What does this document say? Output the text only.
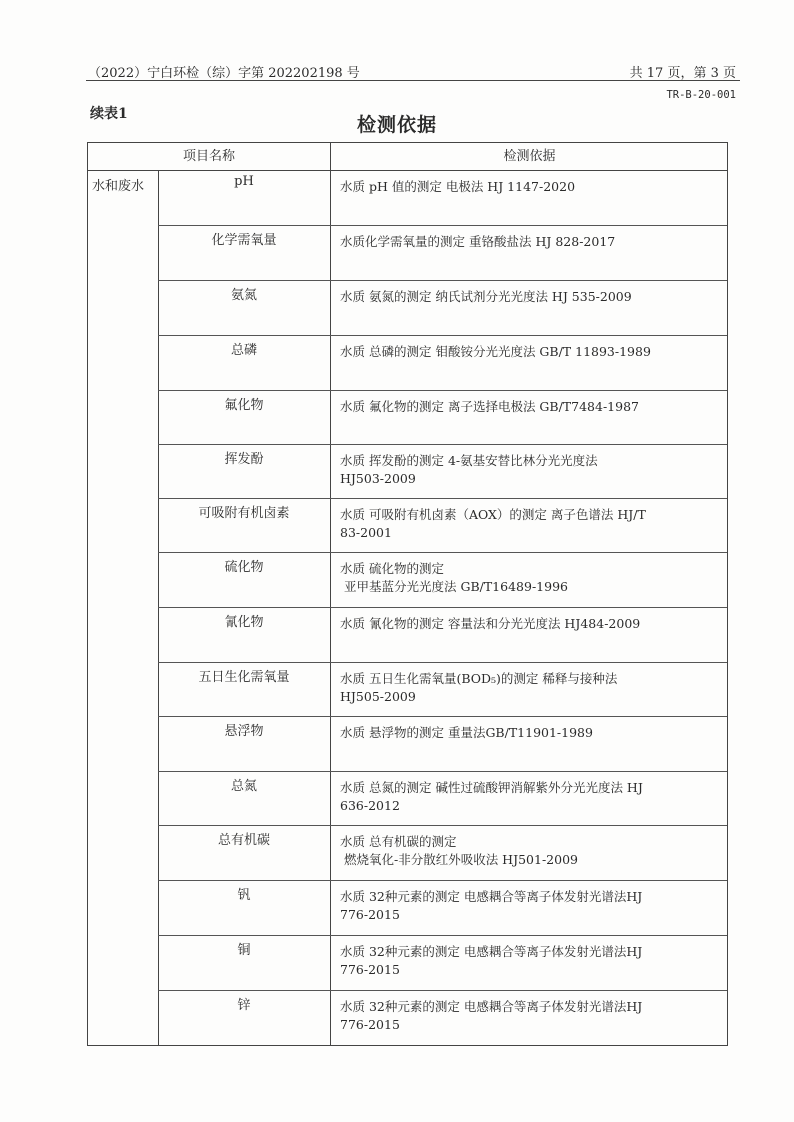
（2022）宁白环检（综）字第 202202198 号	共 17 页，第 3 页
TR-B-20-001
续表1	检测依据
项目名称	检测依据
水和废水	pH	水质 pH 值的测定 电极法 HJ 1147-2020
化学需氧量	水质化学需氧量的测定 重铬酸盐法 HJ 828-2017
氨氮	水质 氨氮的测定 纳氏试剂分光光度法 HJ 535-2009
总磷	水质 总磷的测定 钼酸铵分光光度法 GB/T 11893-1989
氟化物	水质 氟化物的测定 离子选择电极法 GB/T7484-1987
挥发酚	水质 挥发酚的测定 4-氨基安替比林分光光度法
HJ503-2009
可吸附有机卤素	水质 可吸附有机卤素（AOX）的测定 离子色谱法 HJ/T
83-2001
硫化物	水质 硫化物的测定
亚甲基蓝分光光度法 GB/T16489-1996
氰化物	水质 氰化物的测定 容量法和分光光度法 HJ484-2009
五日生化需氧量	水质 五日生化需氧量(BOD₅)的测定 稀释与接种法
HJ505-2009
悬浮物	水质 悬浮物的测定 重量法GB/T11901-1989
总氮	水质 总氮的测定 碱性过硫酸钾消解紫外分光光度法 HJ
636-2012
总有机碳	水质 总有机碳的测定
燃烧氧化-非分散红外吸收法 HJ501-2009
钒	水质 32种元素的测定 电感耦合等离子体发射光谱法HJ
776-2015
铜	水质 32种元素的测定 电感耦合等离子体发射光谱法HJ
776-2015
锌	水质 32种元素的测定 电感耦合等离子体发射光谱法HJ
776-2015
